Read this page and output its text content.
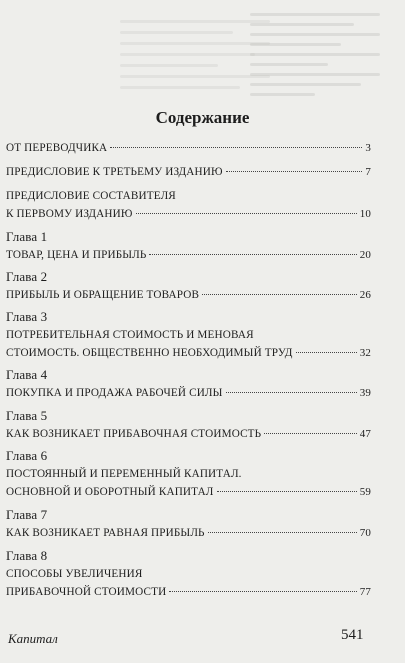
Содержание
ОТ ПЕРЕВОДЧИКА	3
ПРЕДИСЛОВИЕ К ТРЕТЬЕМУ ИЗДАНИЮ	7
ПРЕДИСЛОВИЕ СОСТАВИТЕЛЯ
К ПЕРВОМУ ИЗДАНИЮ	10
Глава 1
ТОВАР, ЦЕНА И ПРИБЫЛЬ	20
Глава 2
ПРИБЫЛЬ И ОБРАЩЕНИЕ ТОВАРОВ	26
Глава 3
ПОТРЕБИТЕЛЬНАЯ СТОИМОСТЬ И МЕНОВАЯ
СТОИМОСТЬ. ОБЩЕСТВЕННО НЕОБХОДИМЫЙ ТРУД	32
Глава 4
ПОКУПКА И ПРОДАЖА РАБОЧЕЙ СИЛЫ	39
Глава 5
КАК ВОЗНИКАЕТ ПРИБАВОЧНАЯ СТОИМОСТЬ	47
Глава 6
ПОСТОЯННЫЙ И ПЕРЕМЕННЫЙ КАПИТАЛ.
ОСНОВНОЙ И ОБОРОТНЫЙ КАПИТАЛ	59
Глава 7
КАК ВОЗНИКАЕТ РАВНАЯ ПРИБЫЛЬ	70
Глава 8
СПОСОБЫ УВЕЛИЧЕНИЯ
ПРИБАВОЧНОЙ СТОИМОСТИ	77
Капитал	541
